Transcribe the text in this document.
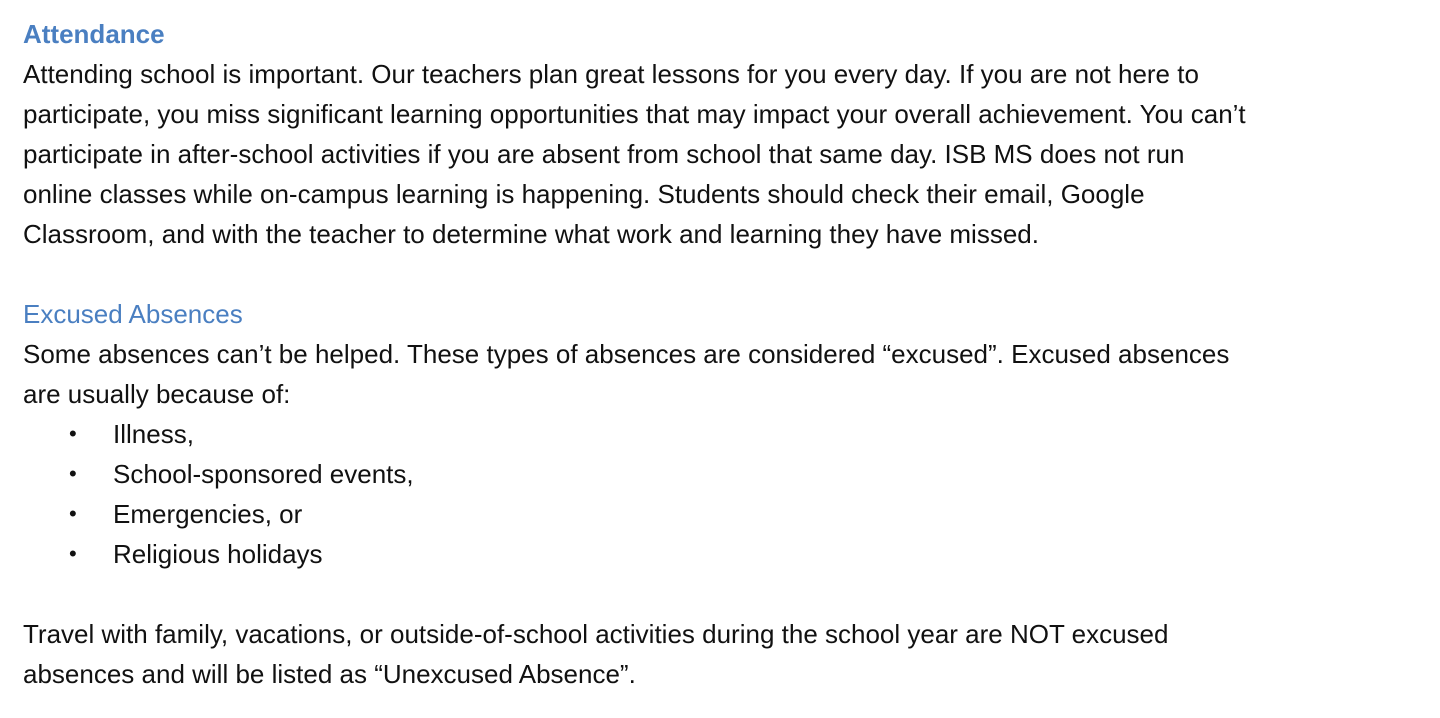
Attendance

Attending school is important. Our teachers plan great lessons for you every day. If you are not here to

participate, you miss significant learning opportunities that may impact your overall achievement. You can’t

participate in after-school activities if you are absent from school that same day. ISB MS does not run

online classes while on-campus learning is happening. Students should check their email, Google

Classroom, and with the teacher to determine what work and learning they have missed.

Excused Absences

Some absences can’t be helped. These types of absences are considered “excused”. Excused absences

are usually because of:

• Illness,
• School-sponsored events,
• Emergencies, or
• Religious holidays

Travel with family, vacations, or outside-of-school activities during the school year are NOT excused

absences and will be listed as “Unexcused Absence”.
